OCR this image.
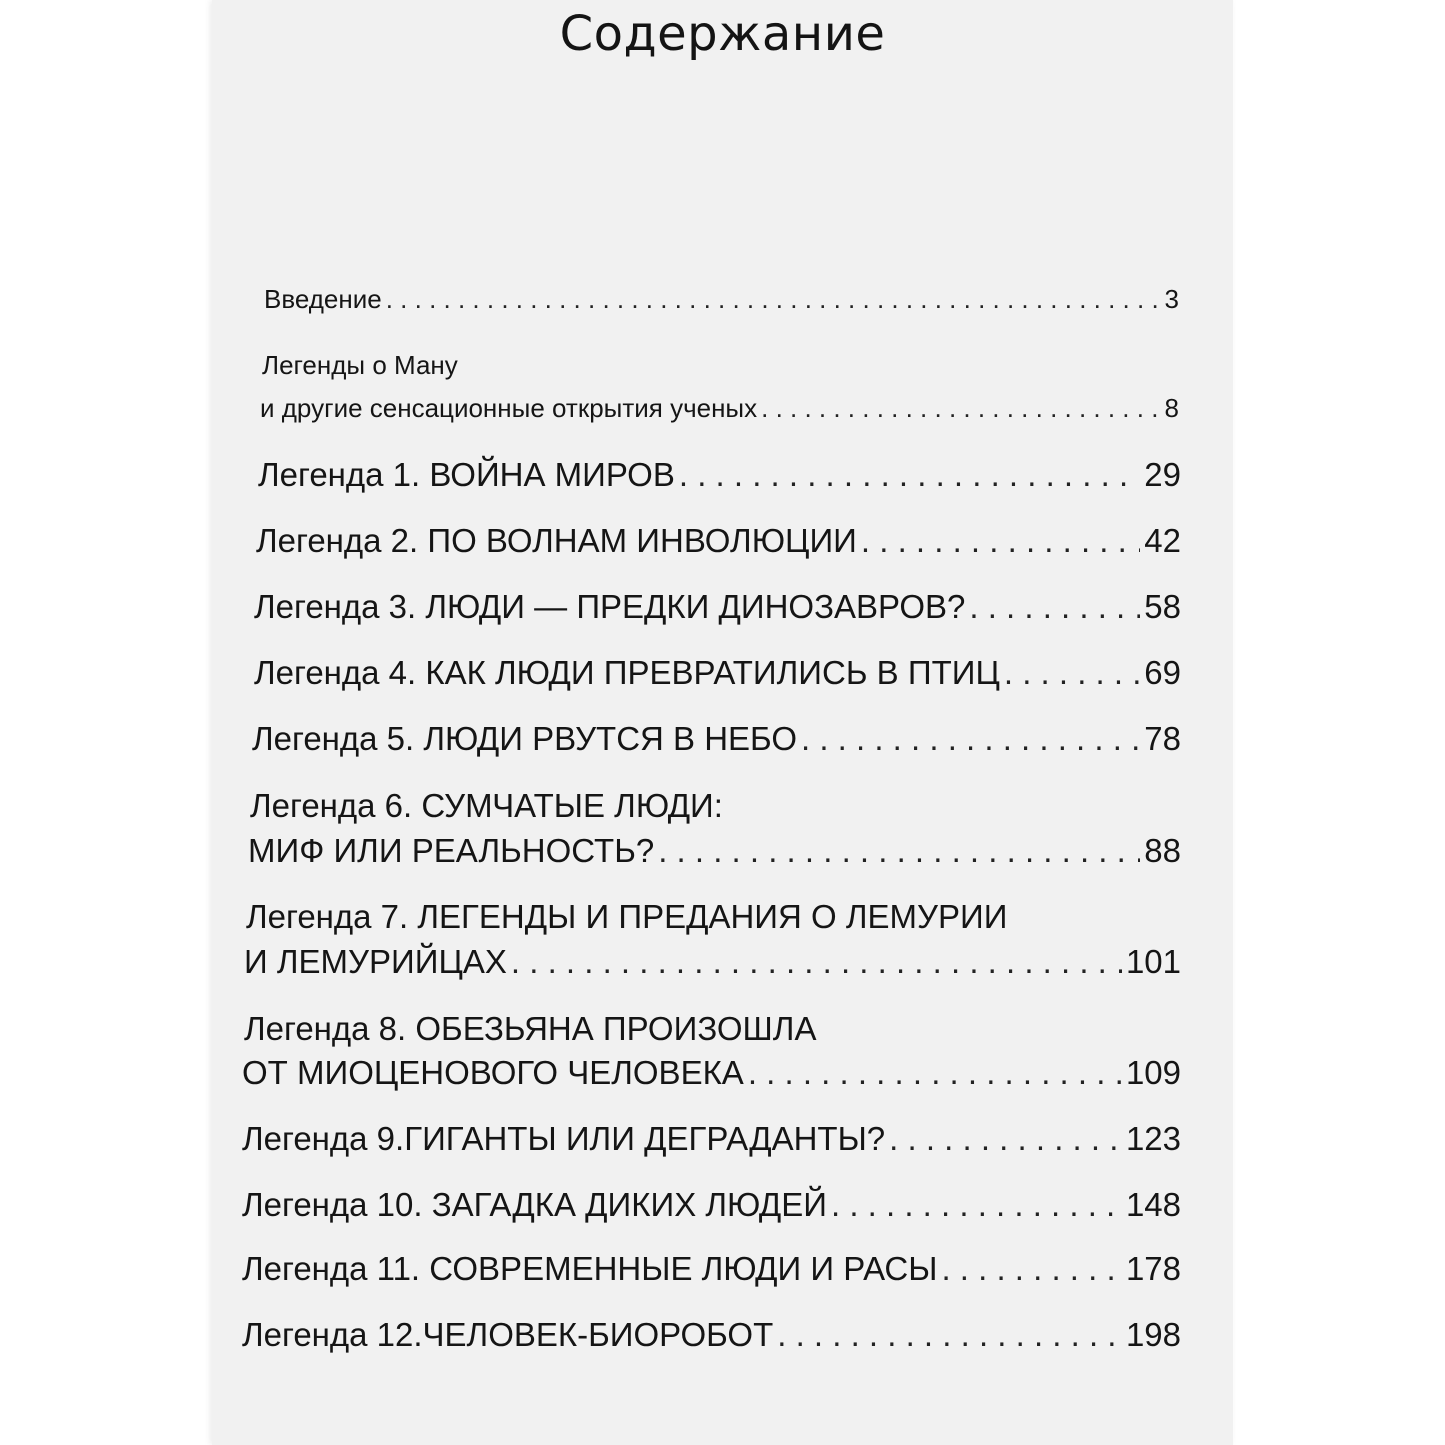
Содержание
Введение . . .	3
Легенды о Ману
и другие сенсационные открытия ученых . . .	8
Легенда 1. ВОЙНА МИРОВ . . .	29
Легенда 2. ПО ВОЛНАМ ИНВОЛЮЦИИ . . .	42
Легенда 3. ЛЮДИ — ПРЕДКИ ДИНОЗАВРОВ? . . .	58
Легенда 4. КАК ЛЮДИ ПРЕВРАТИЛИСЬ В ПТИЦ . . .	69
Легенда 5. ЛЮДИ РВУТСЯ В НЕБО . . .	78
Легенда 6. СУМЧАТЫЕ ЛЮДИ:
МИФ ИЛИ РЕАЛЬНОСТЬ? . . .	88
Легенда 7. ЛЕГЕНДЫ И ПРЕДАНИЯ О ЛЕМУРИИ
И ЛЕМУРИЙЦАХ . . .	101
Легенда 8. ОБЕЗЬЯНА ПРОИЗОШЛА
ОТ МИОЦЕНОВОГО ЧЕЛОВЕКА . . .	109
Легенда 9.ГИГАНТЫ ИЛИ ДЕГРАДАНТЫ? . . .	123
Легенда 10. ЗАГАДКА ДИКИХ ЛЮДЕЙ . . .	148
Легенда 11. СОВРЕМЕННЫЕ ЛЮДИ И РАСЫ . . .	178
Легенда 12.ЧЕЛОВЕК-БИОРОБОТ . . .	198
